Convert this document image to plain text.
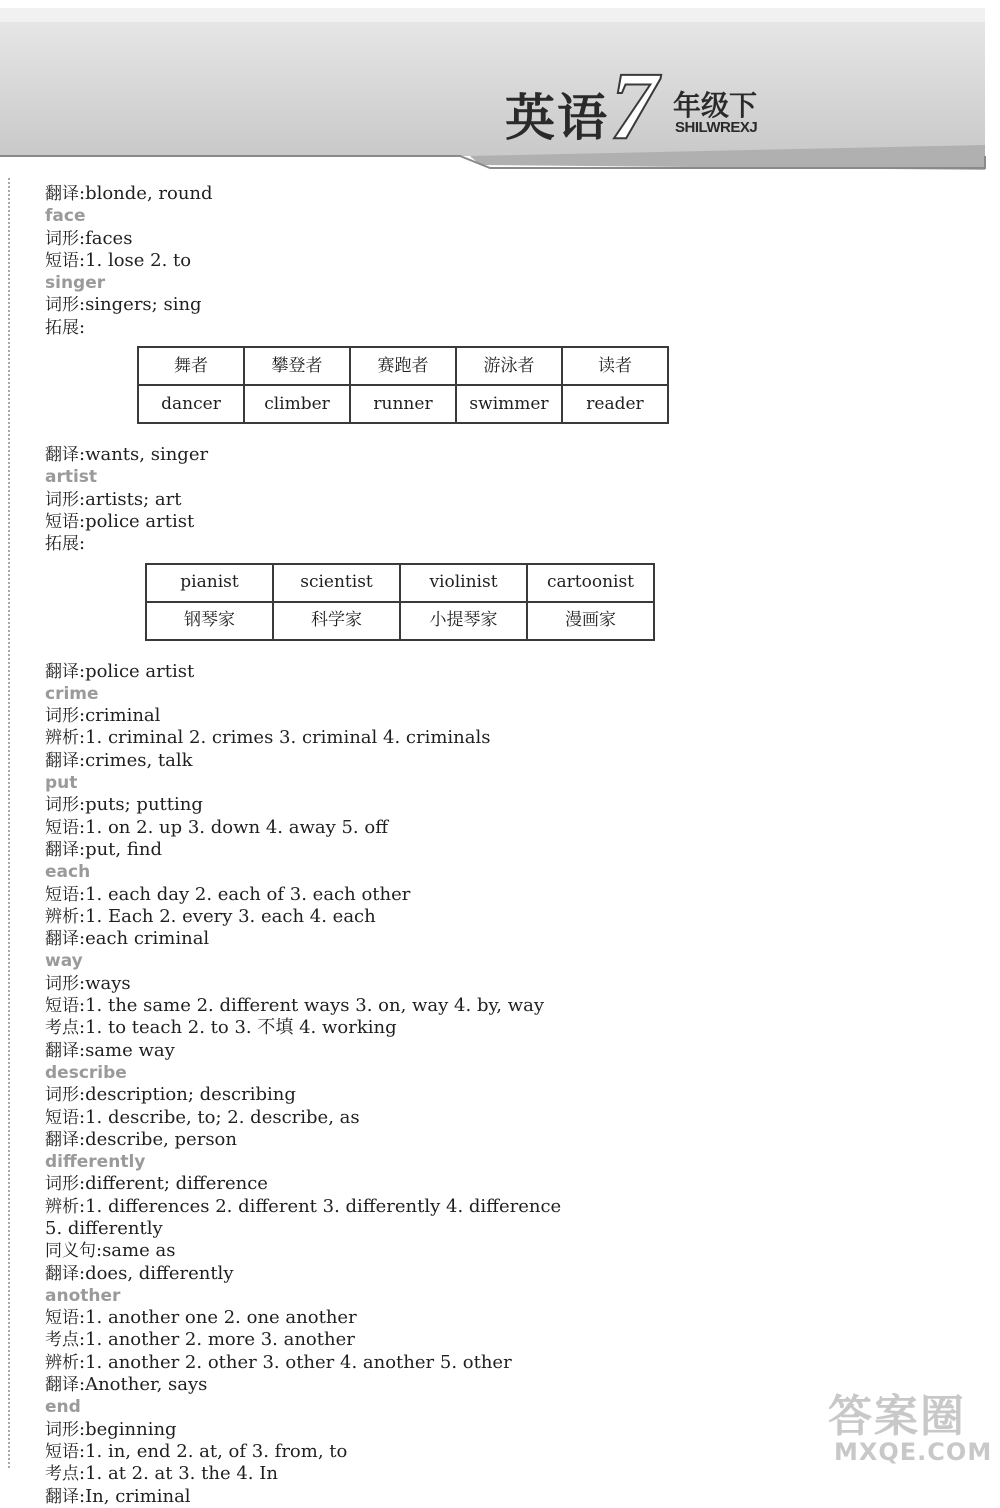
英语 7 年级下
SHILWREXJ
翻译:blonde, round
face
词形:faces
短语:1. lose 2. to
singer
词形:singers; sing
拓展:
舞者	攀登者	赛跑者	游泳者	读者
dancer	climber	runner	swimmer	reader
翻译:wants, singer
artist
词形:artists; art
短语:police artist
拓展:
pianist	scientist	violinist	cartoonist
钢琴家	科学家	小提琴家	漫画家
翻译:police artist
crime
词形:criminal
辨析:1. criminal 2. crimes 3. criminal 4. criminals
翻译:crimes, talk
put
词形:puts; putting
短语:1. on 2. up 3. down 4. away 5. off
翻译:put, find
each
短语:1. each day 2. each of 3. each other
辨析:1. Each 2. every 3. each 4. each
翻译:each criminal
way
词形:ways
短语:1. the same 2. different ways 3. on, way 4. by, way
考点:1. to teach 2. to 3. 不填 4. working
翻译:same way
describe
词形:description; describing
短语:1. describe, to; 2. describe, as
翻译:describe, person
differently
词形:different; difference
辨析:1. differences 2. different 3. differently 4. difference
5. differently
同义句:same as
翻译:does, differently
another
短语:1. another one 2. one another
考点:1. another 2. more 3. another
辨析:1. another 2. other 3. other 4. another 5. other
翻译:Another, says
end
词形:beginning
短语:1. in, end 2. at, of 3. from, to
考点:1. at 2. at 3. the 4. In
翻译:In, criminal
答案圈
MXQE.COM
